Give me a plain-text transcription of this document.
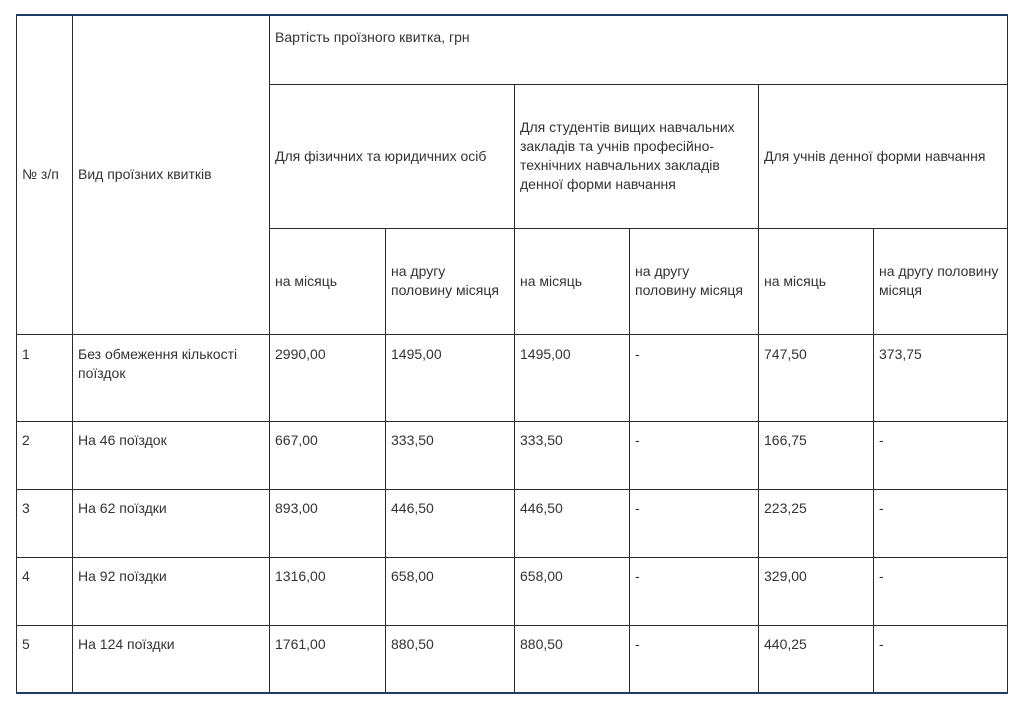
№ з/п	Вид проїзних квитків	Вартість проїзного квитка, грн					
		Для фізичних та юридичних осіб		Для студентів вищих навчальних закладів та учнів професійно-технічних навчальних закладів денної форми навчання		Для учнів денної форми навчання	
		на місяць	на другу половину місяця	на місяць	на другу половину місяця	на місяць	на другу половину місяця
1	Без обмеження кількості поїздок	2990,00	1495,00	1495,00	-	747,50	373,75
2	На 46 поїздок	667,00	333,50	333,50	-	166,75	-
3	На 62 поїздки	893,00	446,50	446,50	-	223,25	-
4	На 92 поїздки	1316,00	658,00	658,00	-	329,00	-
5	На 124 поїздки	1761,00	880,50	880,50	-	440,25	-
